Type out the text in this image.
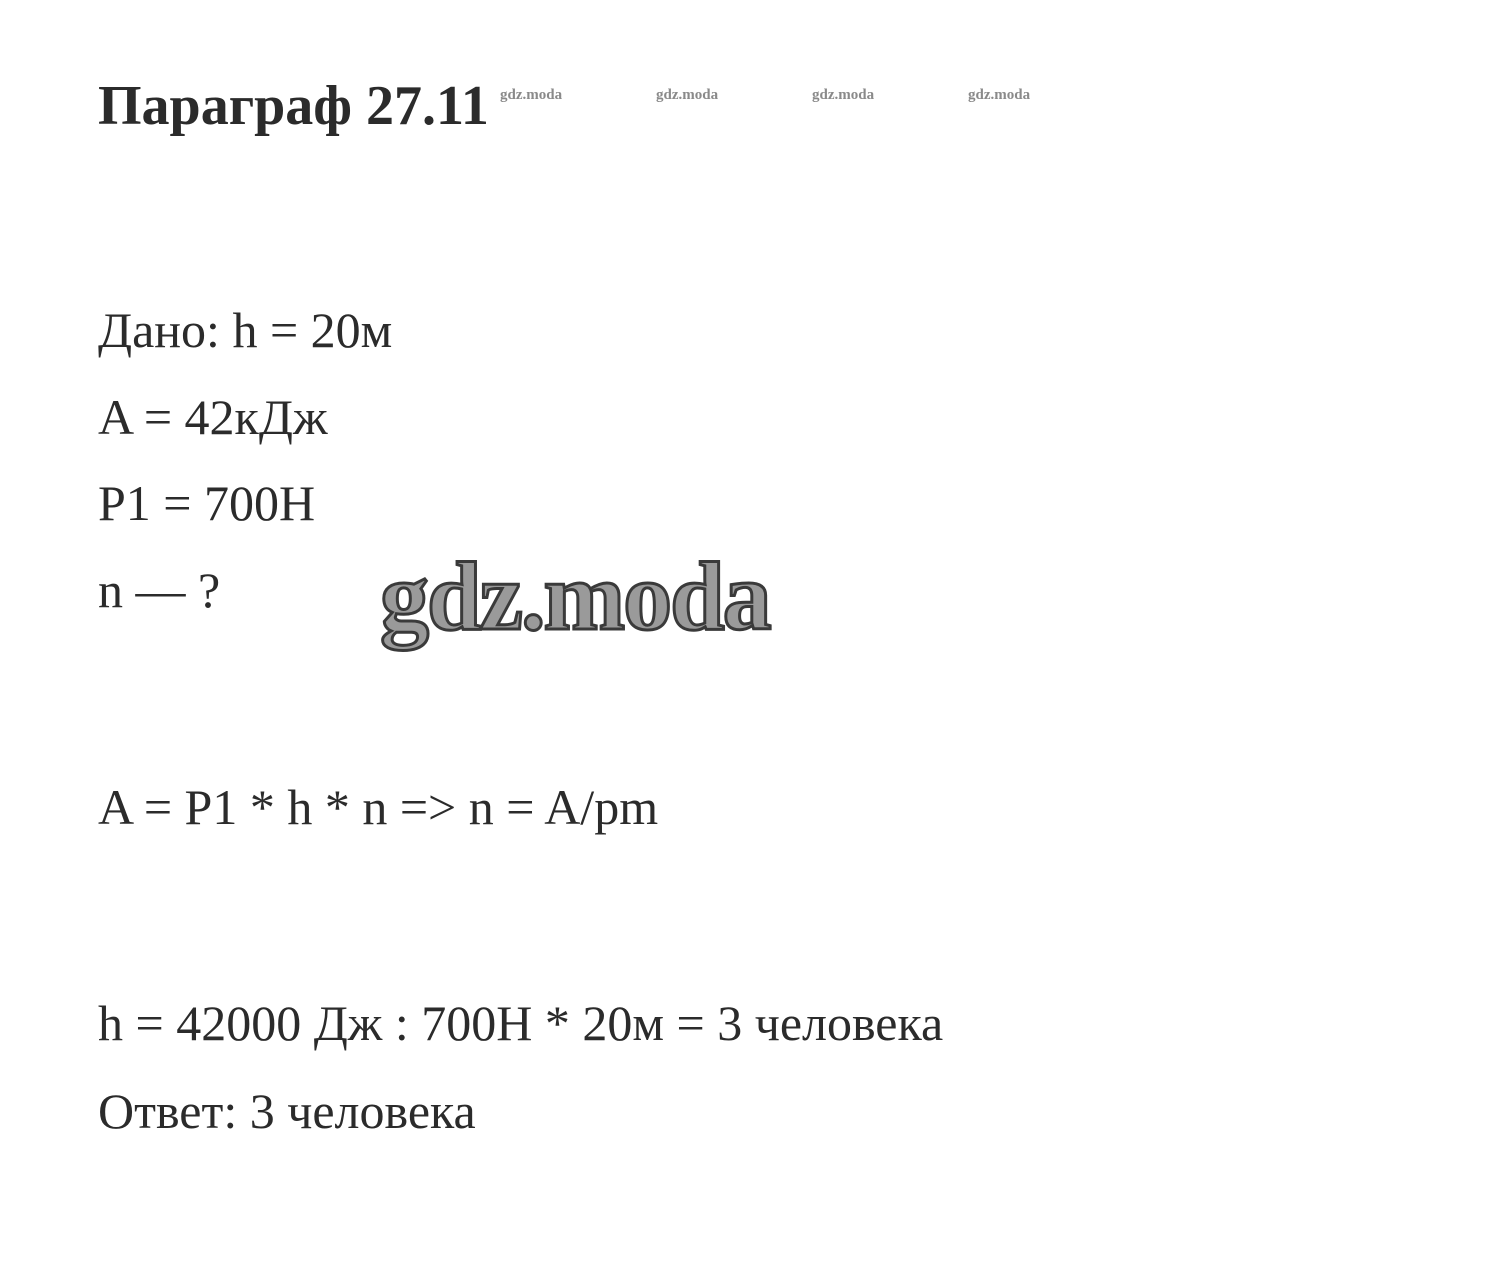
Параграф 27.11 gdz.moda	gdz.moda	gdz.moda	gdz.moda
Дано: h = 20м
A = 42кДж
P1 = 700H
n — ? gdz.moda
A = P1 * h * n => n = A/pm
h = 42000 Дж : 700H * 20м = 3 человека
Ответ: 3 человека
